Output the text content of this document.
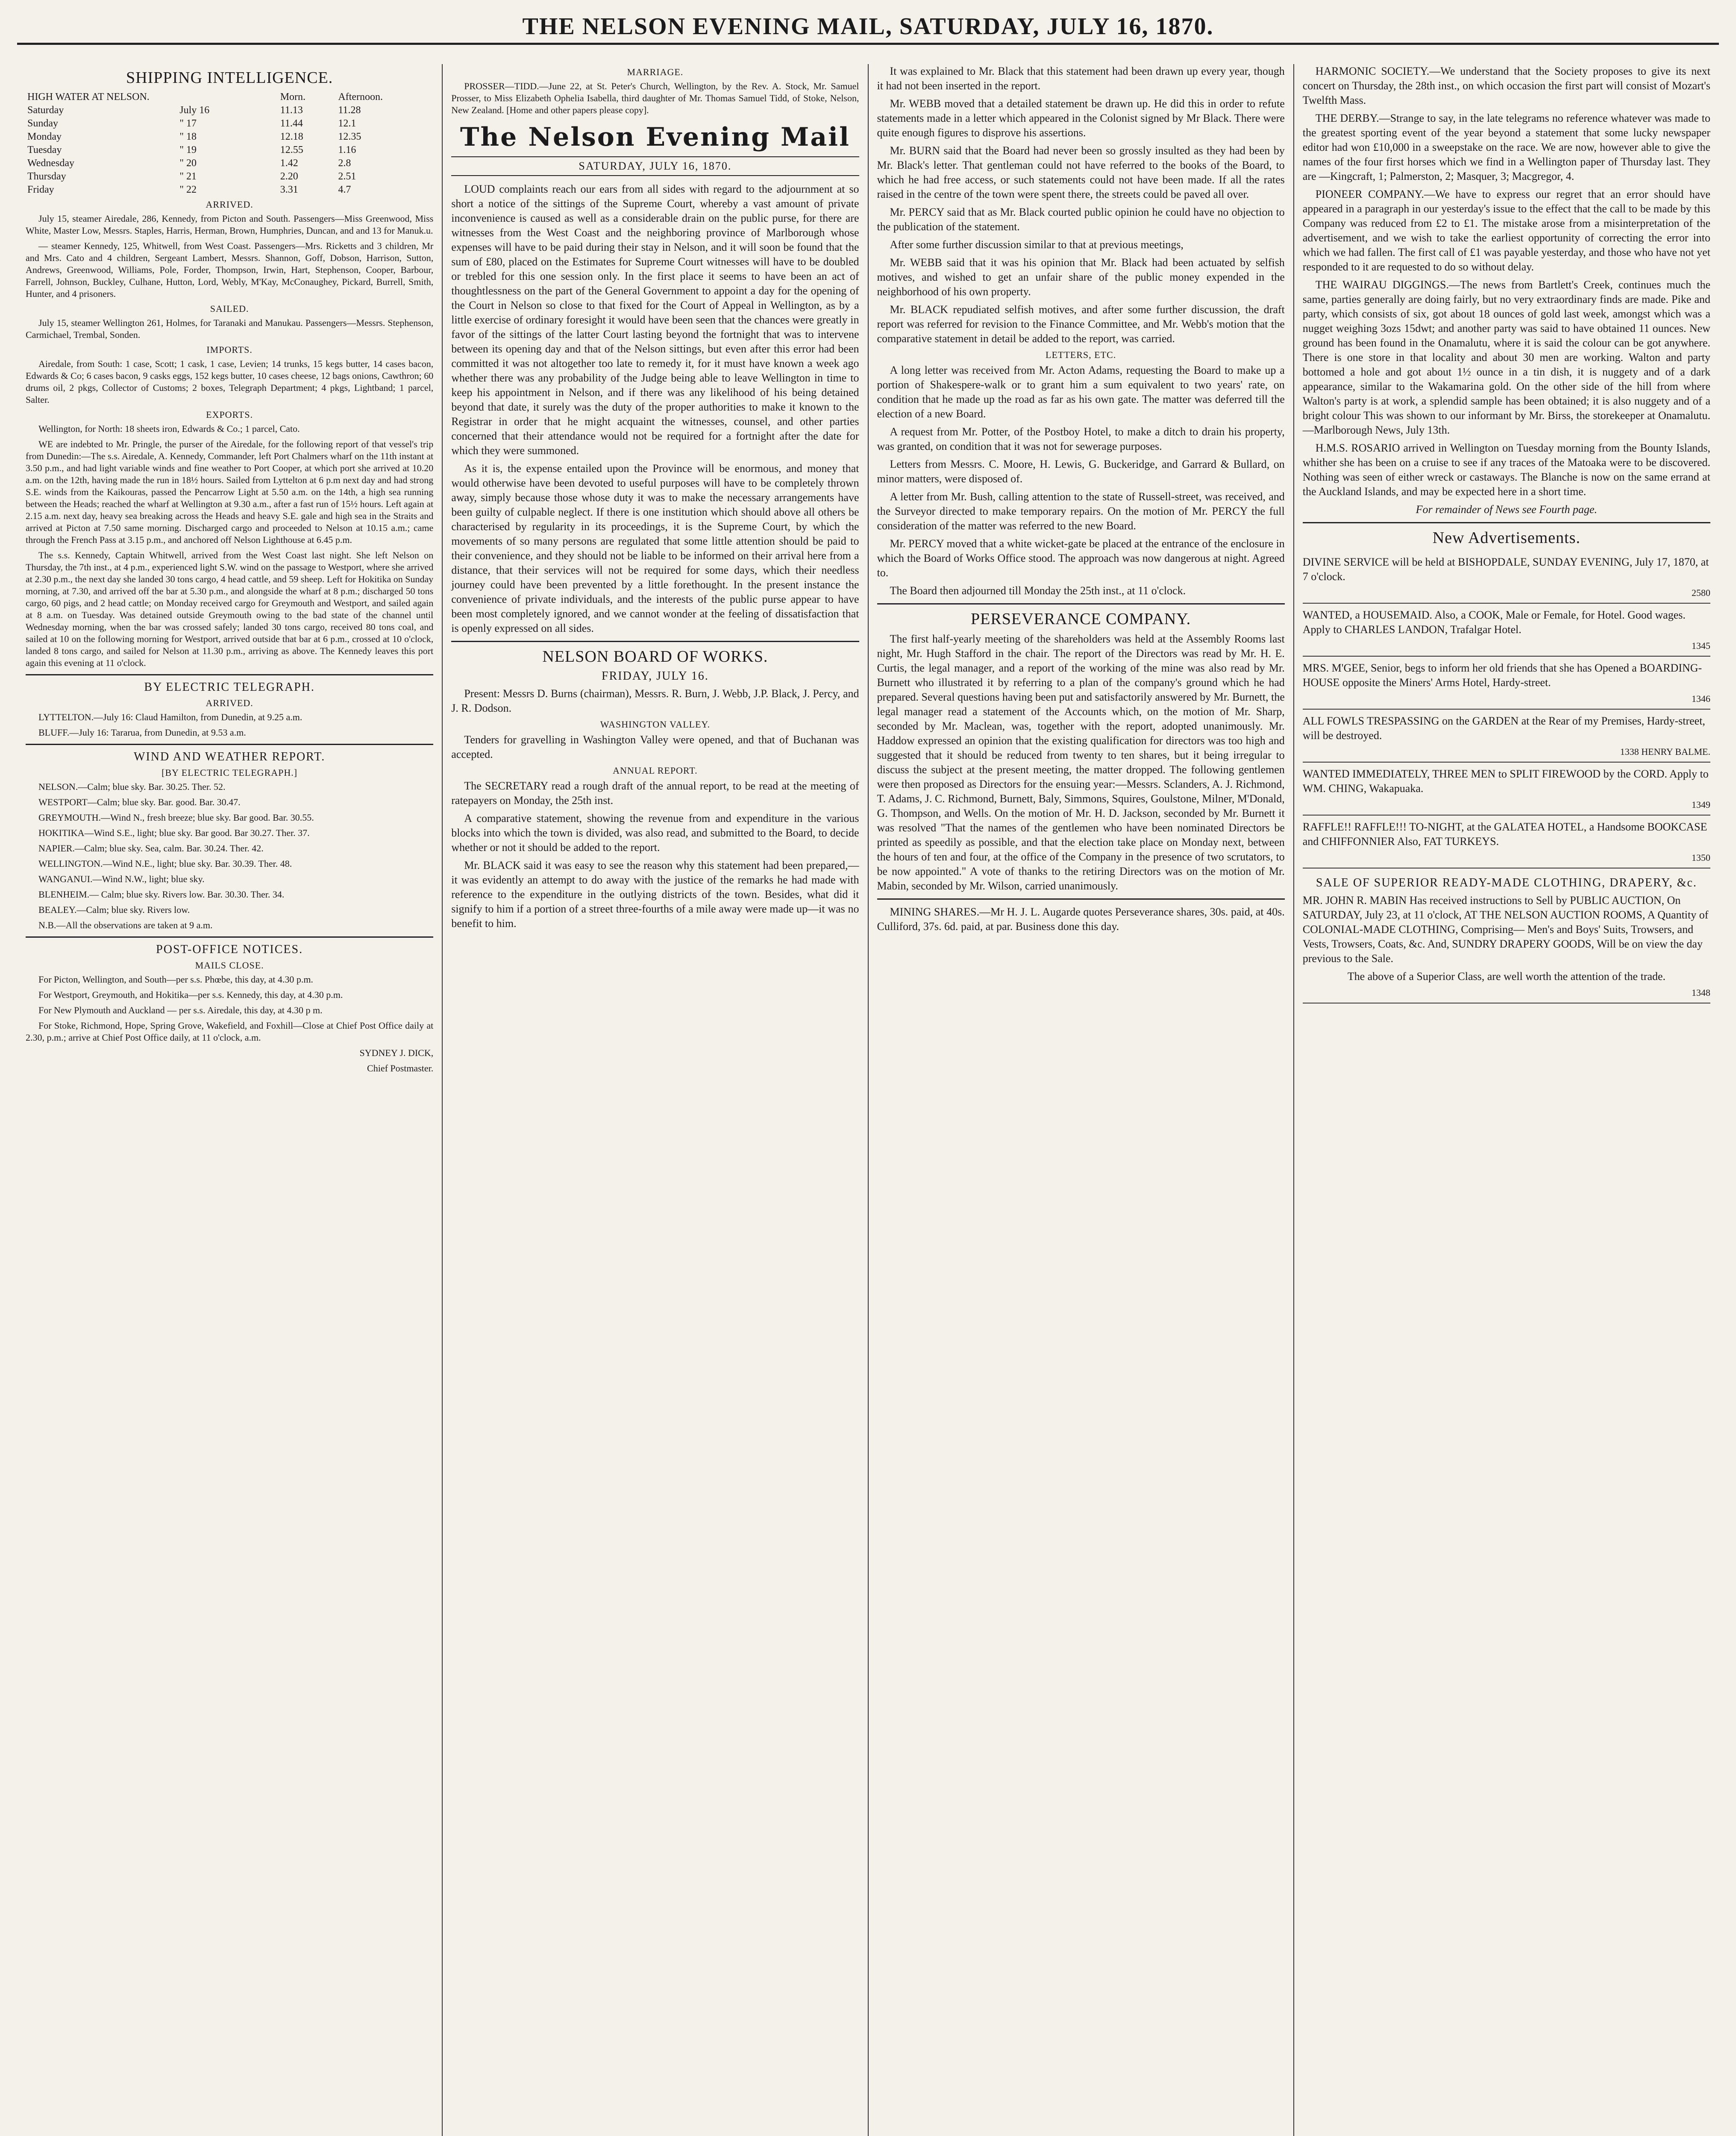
THE NELSON EVENING MAIL, SATURDAY, JULY 16, 1870.
SHIPPING INTELLIGENCE.
HIGH WATER AT NELSON.		Morn.	Afternoon.
Saturday	July 16	11.13	11.28
Sunday	" 17	11.44	12.1
Monday	" 18	12.18	12.35
Tuesday	" 19	12.55	1.16
Wednesday	" 20	1.42	2.8
Thursday	" 21	2.20	2.51
Friday	" 22	3.31	4.7
ARRIVED.

July 15, steamer Airedale, 286, Kennedy, from Picton and South. Passengers—Miss Greenwood, Miss White, Master Low, Messrs. Staples, Harris, Herman, Brown, Humphries, Duncan, and and 13 for Manuk.u.

— steamer Kennedy, 125, Whitwell, from West Coast. Passengers—Mrs. Ricketts and 3 children, Mr and Mrs. Cato and 4 children, Sergeant Lambert, Messrs. Shannon, Goff, Dobson, Harrison, Sutton, Andrews, Greenwood, Williams, Pole, Forder, Thompson, Irwin, Hart, Stephenson, Cooper, Barbour, Farrell, Johnson, Buckley, Culhane, Hutton, Lord, Webly, M'Kay, McConaughey, Pickard, Burrell, Smith, Hunter, and 4 prisoners.

SAILED.

July 15, steamer Wellington 261, Holmes, for Taranaki and Manukau. Passengers—Messrs. Stephenson, Carmichael, Trembal, Sonden.

IMPORTS.

Airedale, from South: 1 case, Scott; 1 cask, 1 case, Levien; 14 trunks, 15 kegs butter, 14 cases bacon, Edwards & Co; 6 cases bacon, 9 casks eggs, 152 kegs butter, 10 cases cheese, 12 bags onions, Cawthron; 60 drums oil, 2 pkgs, Collector of Customs; 2 boxes, Telegraph Department; 4 pkgs, Lightband; 1 parcel, Salter.

EXPORTS.

Wellington, for North: 18 sheets iron, Edwards & Co.; 1 parcel, Cato.

WE are indebted to Mr. Pringle, the purser of the Airedale, for the following report of that vessel's trip from Dunedin:—The s.s. Airedale, A. Kennedy, Commander, left Port Chalmers wharf on the 11th instant at 3.50 p.m., and had light variable winds and fine weather to Port Cooper, at which port she arrived at 10.20 a.m. on the 12th, having made the run in 18½ hours. Sailed from Lyttelton at 6 p.m next day and had strong S.E. winds from the Kaikouras, passed the Pencarrow Light at 5.50 a.m. on the 14th, a high sea running between the Heads; reached the wharf at Wellington at 9.30 a.m., after a fast run of 15½ hours. Left again at 2.15 a.m. next day, heavy sea breaking across the Heads and heavy S.E. gale and high sea in the Straits and arrived at Picton at 7.50 same morning. Discharged cargo and proceeded to Nelson at 10.15 a.m.; came through the French Pass at 3.15 p.m., and anchored off Nelson Lighthouse at 6.45 p.m.

The s.s. Kennedy, Captain Whitwell, arrived from the West Coast last night. She left Nelson on Thursday, the 7th inst., at 4 p.m., experienced light S.W. wind on the passage to Westport, where she arrived at 2.30 p.m., the next day she landed 30 tons cargo, 4 head cattle, and 59 sheep. Left for Hokitika on Sunday morning, at 7.30, and arrived off the bar at 5.30 p.m., and alongside the wharf at 8 p.m.; discharged 50 tons cargo, 60 pigs, and 2 head cattle; on Monday received cargo for Greymouth and Westport, and sailed again at 8 a.m. on Tuesday. Was detained outside Greymouth owing to the bad state of the channel until Wednesday morning, when the bar was crossed safely; landed 30 tons cargo, received 80 tons coal, and sailed at 10 on the following morning for Westport, arrived outside that bar at 6 p.m., crossed at 10 o'clock, landed 8 tons cargo, and sailed for Nelson at 11.30 p.m., arriving as above. The Kennedy leaves this port again this evening at 11 o'clock.

BY ELECTRIC TELEGRAPH.
ARRIVED.

LYTTELTON.—July 16: Claud Hamilton, from Dunedin, at 9.25 a.m.

BLUFF.—July 16: Tararua, from Dunedin, at 9.53 a.m.

WIND AND WEATHER REPORT.
[BY ELECTRIC TELEGRAPH.]

NELSON.—Calm; blue sky. Bar. 30.25. Ther. 52.

WESTPORT—Calm; blue sky. Bar. good. Bar. 30.47.

GREYMOUTH.—Wind N., fresh breeze; blue sky. Bar good. Bar. 30.55.

HOKITIKA—Wind S.E., light; blue sky. Bar good. Bar 30.27. Ther. 37.

NAPIER.—Calm; blue sky. Sea, calm. Bar. 30.24. Ther. 42.

WELLINGTON.—Wind N.E., light; blue sky. Bar. 30.39. Ther. 48.

WANGANUI.—Wind N.W., light; blue sky.

BLENHEIM.— Calm; blue sky. Rivers low. Bar. 30.30. Ther. 34.

BEALEY.—Calm; blue sky. Rivers low.

N.B.—All the observations are taken at 9 a.m.

POST-OFFICE NOTICES.
MAILS CLOSE.

For Picton, Wellington, and South—per s.s. Phœbe, this day, at 4.30 p.m.

For Westport, Greymouth, and Hokitika—per s.s. Kennedy, this day, at 4.30 p.m.

For New Plymouth and Auckland — per s.s. Airedale, this day, at 4.30 p m.

For Stoke, Richmond, Hope, Spring Grove, Wakefield, and Foxhill—Close at Chief Post Office daily at 2.30, p.m.; arrive at Chief Post Office daily, at 11 o'clock, a.m.

SYDNEY J. DICK,

Chief Postmaster.

MARRIAGE.

PROSSER—TIDD.—June 22, at St. Peter's Church, Wellington, by the Rev. A. Stock, Mr. Samuel Prosser, to Miss Elizabeth Ophelia Isabella, third daughter of Mr. Thomas Samuel Tidd, of Stoke, Nelson, New Zealand. [Home and other papers please copy].

The Nelson Evening Mail
SATURDAY, JULY 16, 1870.

LOUD complaints reach our ears from all sides with regard to the adjournment at so short a notice of the sittings of the Supreme Court, whereby a vast amount of private inconvenience is caused as well as a considerable drain on the public purse, for there are witnesses from the West Coast and the neighboring province of Marlborough whose expenses will have to be paid during their stay in Nelson, and it will soon be found that the sum of £80, placed on the Estimates for Supreme Court witnesses will have to be doubled or trebled for this one session only. In the first place it seems to have been an act of thoughtlessness on the part of the General Government to appoint a day for the opening of the Court in Nelson so close to that fixed for the Court of Appeal in Wellington, as by a little exercise of ordinary foresight it would have been seen that the chances were greatly in favor of the sittings of the latter Court lasting beyond the fortnight that was to intervene between its opening day and that of the Nelson sittings, but even after this error had been committed it was not altogether too late to remedy it, for it must have known a week ago whether there was any probability of the Judge being able to leave Wellington in time to keep his appointment in Nelson, and if there was any likelihood of his being detained beyond that date, it surely was the duty of the proper authorities to make it known to the Registrar in order that he might acquaint the witnesses, counsel, and other parties concerned that their attendance would not be required for a fortnight after the date for which they were summoned.

As it is, the expense entailed upon the Province will be enormous, and money that would otherwise have been devoted to useful purposes will have to be completely thrown away, simply because those whose duty it was to make the necessary arrangements have been guilty of culpable neglect. If there is one institution which should above all others be characterised by regularity in its proceedings, it is the Supreme Court, by which the movements of so many persons are regulated that some little attention should be paid to their convenience, and they should not be liable to be informed on their arrival here from a distance, that their services will not be required for some days, which their needless journey could have been prevented by a little forethought. In the present instance the convenience of private individuals, and the interests of the public purse appear to have been most completely ignored, and we cannot wonder at the feeling of dissatisfaction that is openly expressed on all sides.

NELSON BOARD OF WORKS.
FRIDAY, JULY 16.

Present: Messrs D. Burns (chairman), Messrs. R. Burn, J. Webb, J.P. Black, J. Percy, and J. R. Dodson.

WASHINGTON VALLEY.

Tenders for gravelling in Washington Valley were opened, and that of Buchanan was accepted.

ANNUAL REPORT.

The SECRETARY read a rough draft of the annual report, to be read at the meeting of ratepayers on Monday, the 25th inst.

A comparative statement, showing the revenue from and expenditure in the various blocks into which the town is divided, was also read, and submitted to the Board, to decide whether or not it should be added to the report.

Mr. BLACK said it was easy to see the reason why this statement had been prepared,—it was evidently an attempt to do away with the justice of the remarks he had made with reference to the expenditure in the outlying districts of the town. Besides, what did it signify to him if a portion of a street three-fourths of a mile away were made up—it was no benefit to him.

It was explained to Mr. Black that this statement had been drawn up every year, though it had not been inserted in the report.

Mr. WEBB moved that a detailed statement be drawn up. He did this in order to refute statements made in a letter which appeared in the Colonist signed by Mr Black. There were quite enough figures to disprove his assertions.

Mr. BURN said that the Board had never been so grossly insulted as they had been by Mr. Black's letter. That gentleman could not have referred to the books of the Board, to which he had free access, or such statements could not have been made. If all the rates raised in the centre of the town were spent there, the streets could be paved all over.

Mr. PERCY said that as Mr. Black courted public opinion he could have no objection to the publication of the statement.

After some further discussion similar to that at previous meetings,

Mr. WEBB said that it was his opinion that Mr. Black had been actuated by selfish motives, and wished to get an unfair share of the public money expended in the neighborhood of his own property.

Mr. BLACK repudiated selfish motives, and after some further discussion, the draft report was referred for revision to the Finance Committee, and Mr. Webb's motion that the comparative statement in detail be added to the report, was carried.

LETTERS, ETC.

A long letter was received from Mr. Acton Adams, requesting the Board to make up a portion of Shakespere-walk or to grant him a sum equivalent to two years' rate, on condition that he made up the road as far as his own gate. The matter was deferred till the election of a new Board.

A request from Mr. Potter, of the Postboy Hotel, to make a ditch to drain his property, was granted, on condition that it was not for sewerage purposes.

Letters from Messrs. C. Moore, H. Lewis, G. Buckeridge, and Garrard & Bullard, on minor matters, were disposed of.

A letter from Mr. Bush, calling attention to the state of Russell-street, was received, and the Surveyor directed to make temporary repairs. On the motion of Mr. PERCY the full consideration of the matter was referred to the new Board.

Mr. PERCY moved that a white wicket-gate be placed at the entrance of the enclosure in which the Board of Works Office stood. The approach was now dangerous at night. Agreed to.

The Board then adjourned till Monday the 25th inst., at 11 o'clock.

PERSEVERANCE COMPANY.

The first half-yearly meeting of the shareholders was held at the Assembly Rooms last night, Mr. Hugh Stafford in the chair. The report of the Directors was read by Mr. H. E. Curtis, the legal manager, and a report of the working of the mine was also read by Mr. Burnett who illustrated it by referring to a plan of the company's ground which he had prepared. Several questions having been put and satisfactorily answered by Mr. Burnett, the legal manager read a statement of the Accounts which, on the motion of Mr. Sharp, seconded by Mr. Maclean, was, together with the report, adopted unanimously. Mr. Haddow expressed an opinion that the existing qualification for directors was too high and suggested that it should be reduced from twenty to ten shares, but it being irregular to discuss the subject at the present meeting, the matter dropped. The following gentlemen were then proposed as Directors for the ensuing year:—Messrs. Sclanders, A. J. Richmond, T. Adams, J. C. Richmond, Burnett, Baly, Simmons, Squires, Goulstone, Milner, M'Donald, G. Thompson, and Wells. On the motion of Mr. H. D. Jackson, seconded by Mr. Burnett it was resolved "That the names of the gentlemen who have been nominated Directors be printed as speedily as possible, and that the election take place on Monday next, between the hours of ten and four, at the office of the Company in the presence of two scrutators, to be now appointed." A vote of thanks to the retiring Directors was on the motion of Mr. Mabin, seconded by Mr. Wilson, carried unanimously.

MINING SHARES.—Mr H. J. L. Augarde quotes Perseverance shares, 30s. paid, at 40s. Culliford, 37s. 6d. paid, at par. Business done this day.

HARMONIC SOCIETY.—We understand that the Society proposes to give its next concert on Thursday, the 28th inst., on which occasion the first part will consist of Mozart's Twelfth Mass.

THE DERBY.—Strange to say, in the late telegrams no reference whatever was made to the greatest sporting event of the year beyond a statement that some lucky newspaper editor had won £10,000 in a sweepstake on the race. We are now, however able to give the names of the four first horses which we find in a Wellington paper of Thursday last. They are —Kingcraft, 1; Palmerston, 2; Masquer, 3; Macgregor, 4.

PIONEER COMPANY.—We have to express our regret that an error should have appeared in a paragraph in our yesterday's issue to the effect that the call to be made by this Company was reduced from £2 to £1. The mistake arose from a misinterpretation of the advertisement, and we wish to take the earliest opportunity of correcting the error into which we had fallen. The first call of £1 was payable yesterday, and those who have not yet responded to it are requested to do so without delay.

THE WAIRAU DIGGINGS.—The news from Bartlett's Creek, continues much the same, parties generally are doing fairly, but no very extraordinary finds are made. Pike and party, which consists of six, got about 18 ounces of gold last week, amongst which was a nugget weighing 3ozs 15dwt; and another party was said to have obtained 11 ounces. New ground has been found in the Onamalutu, where it is said the colour can be got anywhere. There is one store in that locality and about 30 men are working. Walton and party bottomed a hole and got about 1½ ounce in a tin dish, it is nuggety and of a dark appearance, similar to the Wakamarina gold. On the other side of the hill from where Walton's party is at work, a splendid sample has been obtained; it is also nuggety and of a bright colour This was shown to our informant by Mr. Birss, the storekeeper at Onamalutu.—Marlborough News, July 13th.

H.M.S. ROSARIO arrived in Wellington on Tuesday morning from the Bounty Islands, whither she has been on a cruise to see if any traces of the Matoaka were to be discovered. Nothing was seen of either wreck or castaways. The Blanche is now on the same errand at the Auckland Islands, and may be expected here in a short time.

For remainder of News see Fourth page.

New Advertisements.

DIVINE SERVICE will be held at BISHOPDALE, SUNDAY EVENING, July 17, 1870, at 7 o'clock.

2580

WANTED, a HOUSEMAID. Also, a COOK, Male or Female, for Hotel. Good wages. Apply to CHARLES LANDON, Trafalgar Hotel.

1345

MRS. M'GEE, Senior, begs to inform her old friends that she has Opened a BOARDING-HOUSE opposite the Miners' Arms Hotel, Hardy-street.

1346

ALL FOWLS TRESPASSING on the GARDEN at the Rear of my Premises, Hardy-street, will be destroyed.

1338 HENRY BALME.

WANTED IMMEDIATELY, THREE MEN to SPLIT FIREWOOD by the CORD. Apply to WM. CHING, Wakapuaka.

1349

RAFFLE!! RAFFLE!!! TO-NIGHT, at the GALATEA HOTEL, a Handsome BOOKCASE and CHIFFONNIER Also, FAT TURKEYS.

1350
SALE OF SUPERIOR READY-MADE CLOTHING, DRAPERY, &c.

MR. JOHN R. MABIN Has received instructions to Sell by PUBLIC AUCTION, On SATURDAY, July 23, at 11 o'clock, AT THE NELSON AUCTION ROOMS, A Quantity of COLONIAL-MADE CLOTHING, Comprising— Men's and Boys' Suits, Trowsers, and Vests, Trowsers, Coats, &c. And, SUNDRY DRAPERY GOODS, Will be on view the day previous to the Sale.

The above of a Superior Class, are well worth the attention of the trade.

1348
